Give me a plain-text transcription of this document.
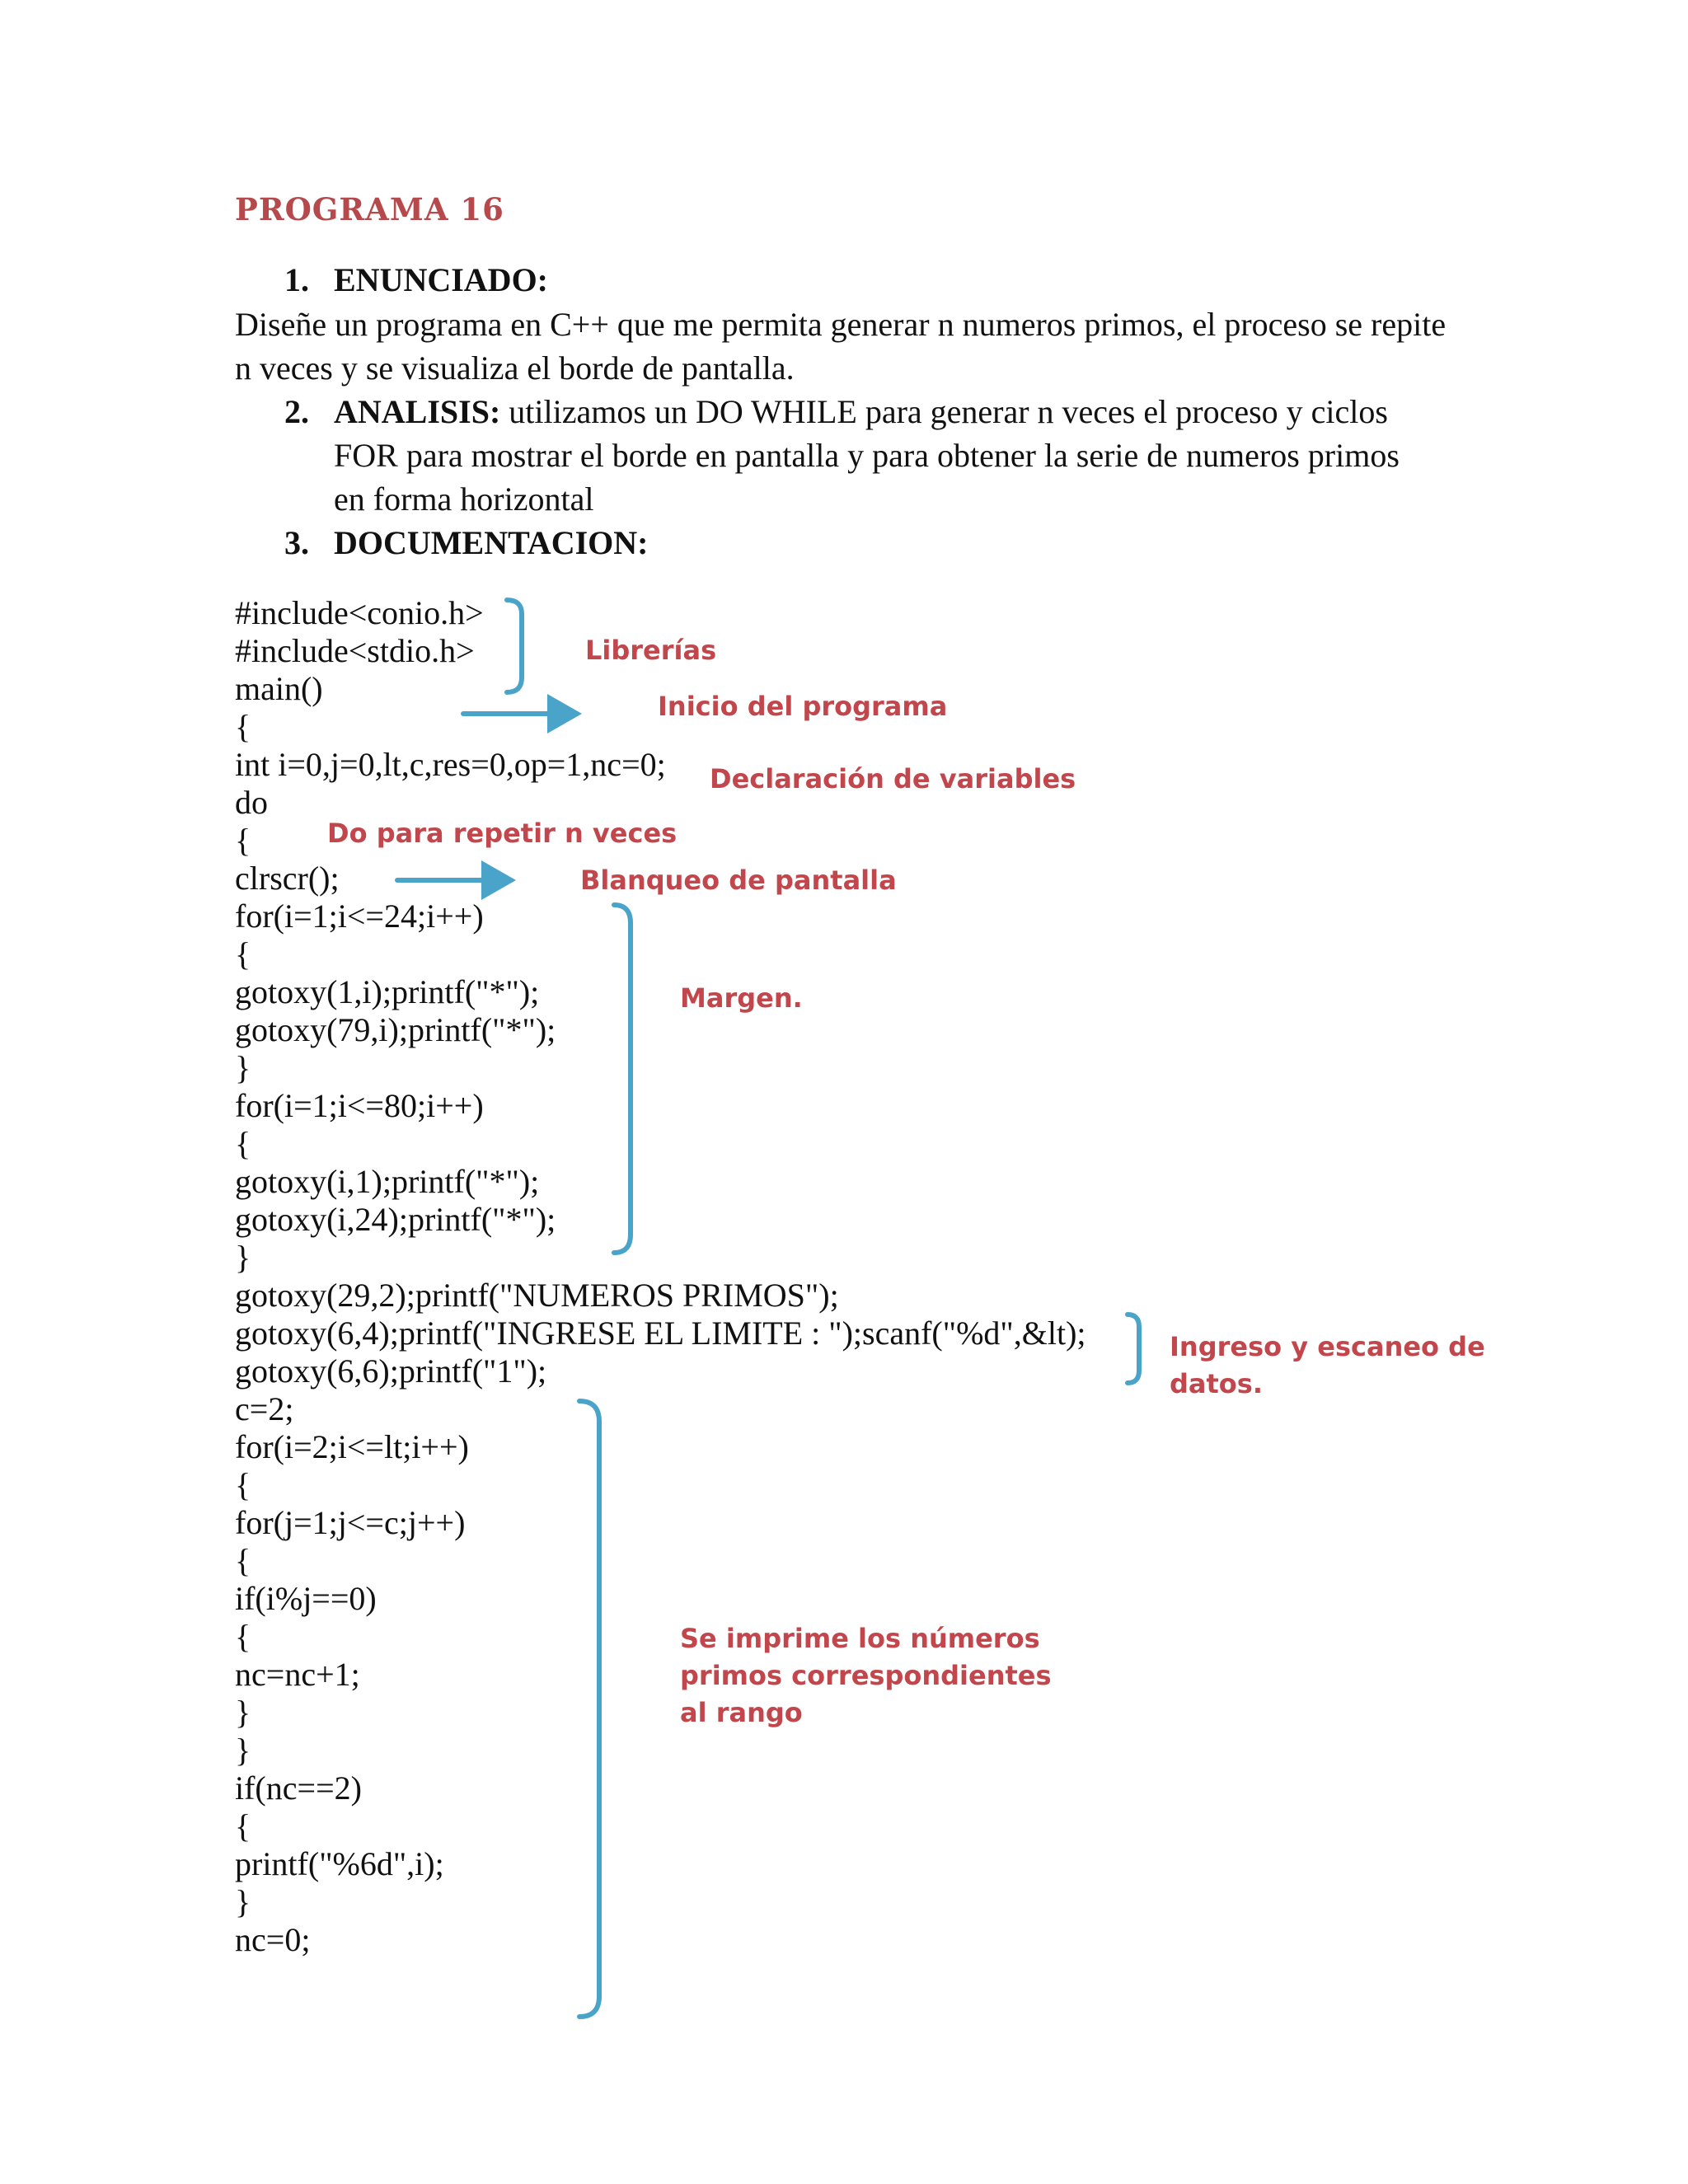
PROGRAMA 16
1. ENUNCIADO:
Diseñe un programa en C++ que me permita generar n numeros primos, el proceso se repite
n veces y se visualiza el borde de pantalla.
2. ANALISIS: utilizamos un DO WHILE para generar n veces el proceso y ciclos
FOR para mostrar el borde en pantalla y para obtener la serie de numeros primos
en forma horizontal
3. DOCUMENTACION:
#include<conio.h>
#include<stdio.h>
main()
{
int i=0,j=0,lt,c,res=0,op=1,nc=0;
do
{
clrscr();
for(i=1;i<=24;i++)
{
gotoxy(1,i);printf("*");
gotoxy(79,i);printf("*");
}
for(i=1;i<=80;i++)
{
gotoxy(i,1);printf("*");
gotoxy(i,24);printf("*");
}
gotoxy(29,2);printf("NUMEROS PRIMOS");
gotoxy(6,4);printf("INGRESE EL LIMITE : ");scanf("%d",&lt);
gotoxy(6,6);printf("1");
c=2;
for(i=2;i<=lt;i++)
{
for(j=1;j<=c;j++)
{
if(i%j==0)
{
nc=nc+1;
}
}
if(nc==2)
{
printf("%6d",i);
}
nc=0;
Librerías
Inicio del programa
Declaración de variables
Do para repetir n veces
Blanqueo de pantalla
Margen.
Ingreso y escaneo de
datos.
Se imprime los números
primos correspondientes
al rango
